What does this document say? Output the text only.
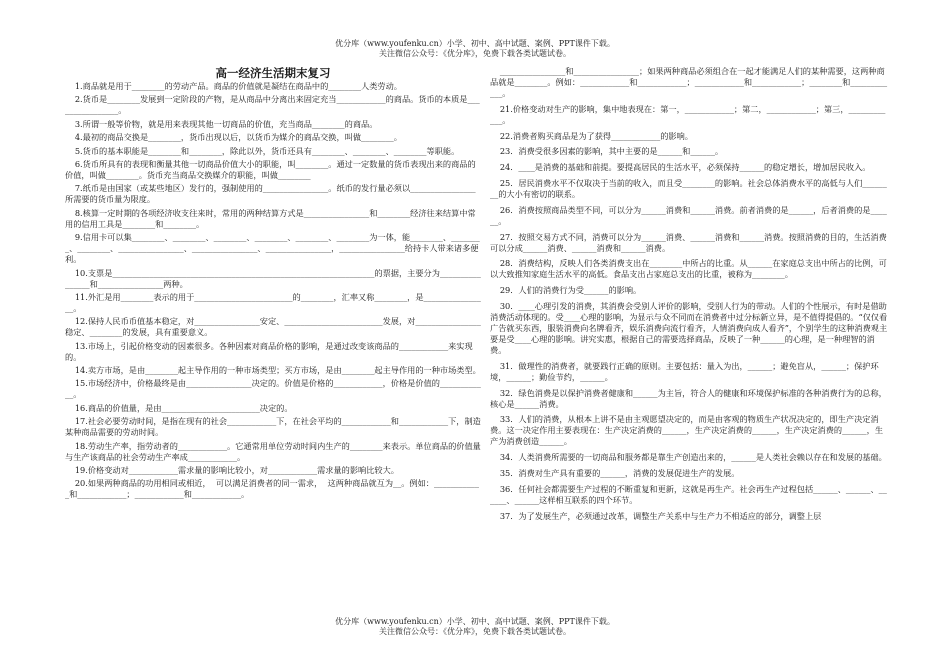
优分库（www.youfenku.cn）小学、初中、高中试题、案例、PPT课件下载。
关注微信公众号：《优分库》，免费下载各类试题试卷。
高一经济生活期末复习

1.商品就是用于________的劳动产品。商品的价值就是凝结在商品中的________人类劳动。

2.货币是________发展到一定阶段的产物，是从商品中分离出来固定充当____________的商品。货币的本质是________________。

3.所谓一般等价物，就是用来表现其他一切商品的价值，充当商品________的商品。

4.最初的商品交换是________，货币出现以后，以货币为媒介的商品交换，叫做________。

5.货币的基本职能是________和________，除此以外，货币还具有________、________、________等职能。

6.货币所具有的表现和衡量其他一切商品价值大小的职能，叫________。通过一定数量的货币表现出来的商品的价值，叫做________。货币充当商品交换媒介的职能，叫做________

7.纸币是由国家（或某些地区）发行的，强制使用的________________。纸币的发行量必须以________________所需要的货币量为限度。

8.核算一定时期的各项经济收支往来时，常用的两种结算方式是________________和________经济往来结算中常用的信用工具是________和________。

9.信用卡可以集________、________、________、________、________、________为一体，能________、________、________、________________、________________、________________，________________给持卡人带来诸多便利。

10.支票是________________________________________________________________的票据，主要分为________________和________________两种。

11.外汇是用________表示的用于________________________的________，汇率又称________，是________________。

12.保持人民币币值基本稳定，对________________安定、________________________发展，对________________稳定、________的发展，具有重要意义。

13.市场上，引起价格变动的因素很多。各种因素对商品价格的影响，是通过改变该商品的____________来实现的。

14.卖方市场，是由________起主导作用的一种市场类型；买方市场，是由________起主导作用的一种市场类型。

15.市场经济中，价格最终是由________________决定的。价值是价格的____________，价格是价值的____________。

16.商品的价值量，是由________________________决定的。

17.社会必要劳动时间，是指在现有的社会____________下，在社会平均的____________和____________下，制造某种商品需要的劳动时间。

18.劳动生产率，指劳动者的____________。它通常用单位劳动时间内生产的________来表示。单位商品的价值量与生产该商品的社会劳动生产率成____________。

19.价格变动对____________需求量的影响比较小，对____________需求量的影响比较大。

20.如果两种商品的功用相同或相近，  可以满足消费者的同一需求，  这两种商品就互为__。例如：____________和____________；____________和____________。

________________和________________；如果两种商品必须组合在一起才能满足人们的某种需要，这两种商品就是________。例如：____________和____________；____________和____________；________和____________。

21.价格变动对生产的影响，集中地表现在：第一，____________；第二，____________；第三，____________。

22.消费者购买商品是为了获得____________的影响。

23．消费受很多因素的影响，其中主要的是______和______。

24．____是消费的基础和前提。要提高居民的生活水平，必须保持______的稳定增长，增加居民收入。

25．居民消费水平不仅取决于当前的收入，而且受________的影响。社会总体消费水平的高低与人们________的大小有密切的联系。

26．消费按照商品类型不同，可以分为______消费和______消费。前者消费的是______，后者消费的是______。

27．按照交易方式不同，消费可以分为______消费、______消费和______消费。按照消费的目的，生活消费可以分成______消费、______消费和______消费。

28．消费结构，反映人们各类消费支出在________中所占的比重。从______在家庭总支出中所占的比例，可以大致推知家庭生活水平的高低。食品支出占家庭总支出的比重，被称为________。

29．人们的消费行为受______的影响。

30．____心理引发的消费，其消费会受别人评价的影响，受别人行为的带动。人们的个性展示，有时是借助消费活动体现的。受____心理的影响，为显示与众不同而在消费者中过分标新立异，是不值得提倡的。“仅仅看广告就买东西，服装消费向名牌看齐，娱乐消费向流行看齐，人情消费向成人看齐”，个别学生的这种消费观主要是受____心理的影响。讲究实惠，根据自己的需要选择商品，反映了一种______的心理，是一种理智的消费。

31．做理性的消费者，就要践行正确的原则。主要包括：量入为出，______；避免盲从，______；保护环境，______；勤俭节约，______。

32．绿色消费是以保护消费者健康和______为主旨，符合人的健康和环境保护标准的各种消费行为的总称，核心是______消费。

33．人们的消费，从根本上讲不是由主观愿望决定的，而是由客观的物质生产状况决定的，即生产决定消费。这一决定作用主要表现在：生产决定消费的______，生产决定消费的______，生产决定消费的______，生产为消费创造______。

34．人类消费所需要的一切商品和服务都是靠生产创造出来的，______是人类社会赖以存在和发展的基础。

35．消费对生产具有重要的______，消费的发展促进生产的发展。

36．任何社会都需要生产过程的不断重复和更新，这就是再生产。社会再生产过程包括______、______、______、______这样相互联系的四个环节。

37．为了发展生产，必须通过改革，调整生产关系中与生产力不相适应的部分，调整上层

优分库（www.youfenku.cn）小学、初中、高中试题、案例、PPT课件下载。
关注微信公众号：《优分库》，免费下载各类试题试卷。
